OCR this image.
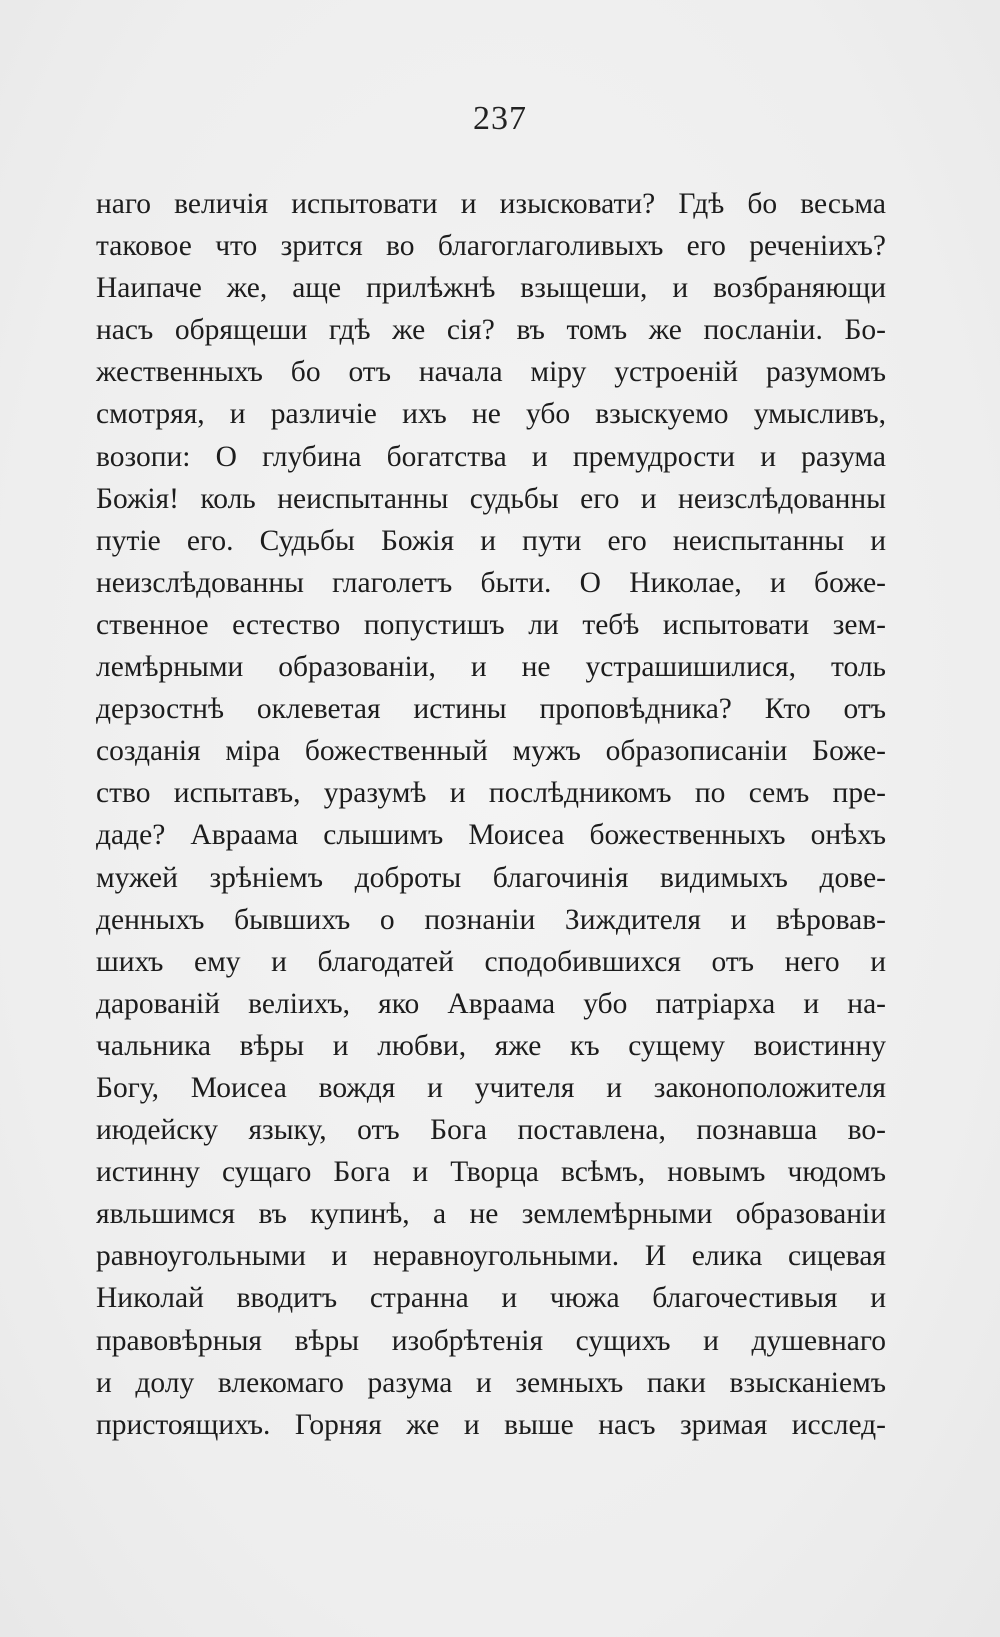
237
наго величія испытовати и изысковати? Гдѣ бо весьма
таковое что зрится во благоглаголивыхъ его реченіихъ?
Наипаче же, аще прилѣжнѣ взыщеши, и возбраняющи
насъ обрящеши гдѣ же сія? въ томъ же посланіи. Бо-
жественныхъ бо отъ начала міру устроеній разумомъ
смотряя, и различіе ихъ не убо взыскуемо умысливъ,
возопи: О глубина богатства и премудрости и разума
Божія! коль неиспытанны судьбы его и неизслѣдованны
путіе его. Судьбы Божія и пути его неиспытанны и
неизслѣдованны глаголетъ быти. О Николае, и боже-
ственное естество попустишъ ли тебѣ испытовати зем-
лемѣрными образованіи, и не устрашишилися, толь
дерзостнѣ оклеветая истины проповѣдника? Кто отъ
созданія міра божественный мужъ образописаніи Боже-
ство испытавъ, уразумѣ и послѣдникомъ по семъ пре-
даде? Авраама слышимъ Моисеа божественныхъ онѣхъ
мужей зрѣніемъ доброты благочинія видимыхъ дове-
денныхъ бывшихъ о познаніи Зиждителя и вѣровав-
шихъ ему и благодатей сподобившихся отъ него и
дарованій веліихъ, яко Авраама убо патріарха и на-
чальника вѣры и любви, яже къ сущему воистинну
Богу, Моисеа вождя и учителя и законоположителя
июдейску языку, отъ Бога поставлена, познавша во-
истинну сущаго Бога и Творца всѣмъ, новымъ чюдомъ
явльшимся въ купинѣ, а не землемѣрными образованіи
равноугольными и неравноугольными. И елика сицевая
Николай вводитъ странна и чюжа благочестивыя и
правовѣрныя вѣры изобрѣтенія сущихъ и душевнаго
и долу влекомаго разума и земныхъ паки взысканіемъ
пристоящихъ. Горняя же и выше насъ зримая исслед-
